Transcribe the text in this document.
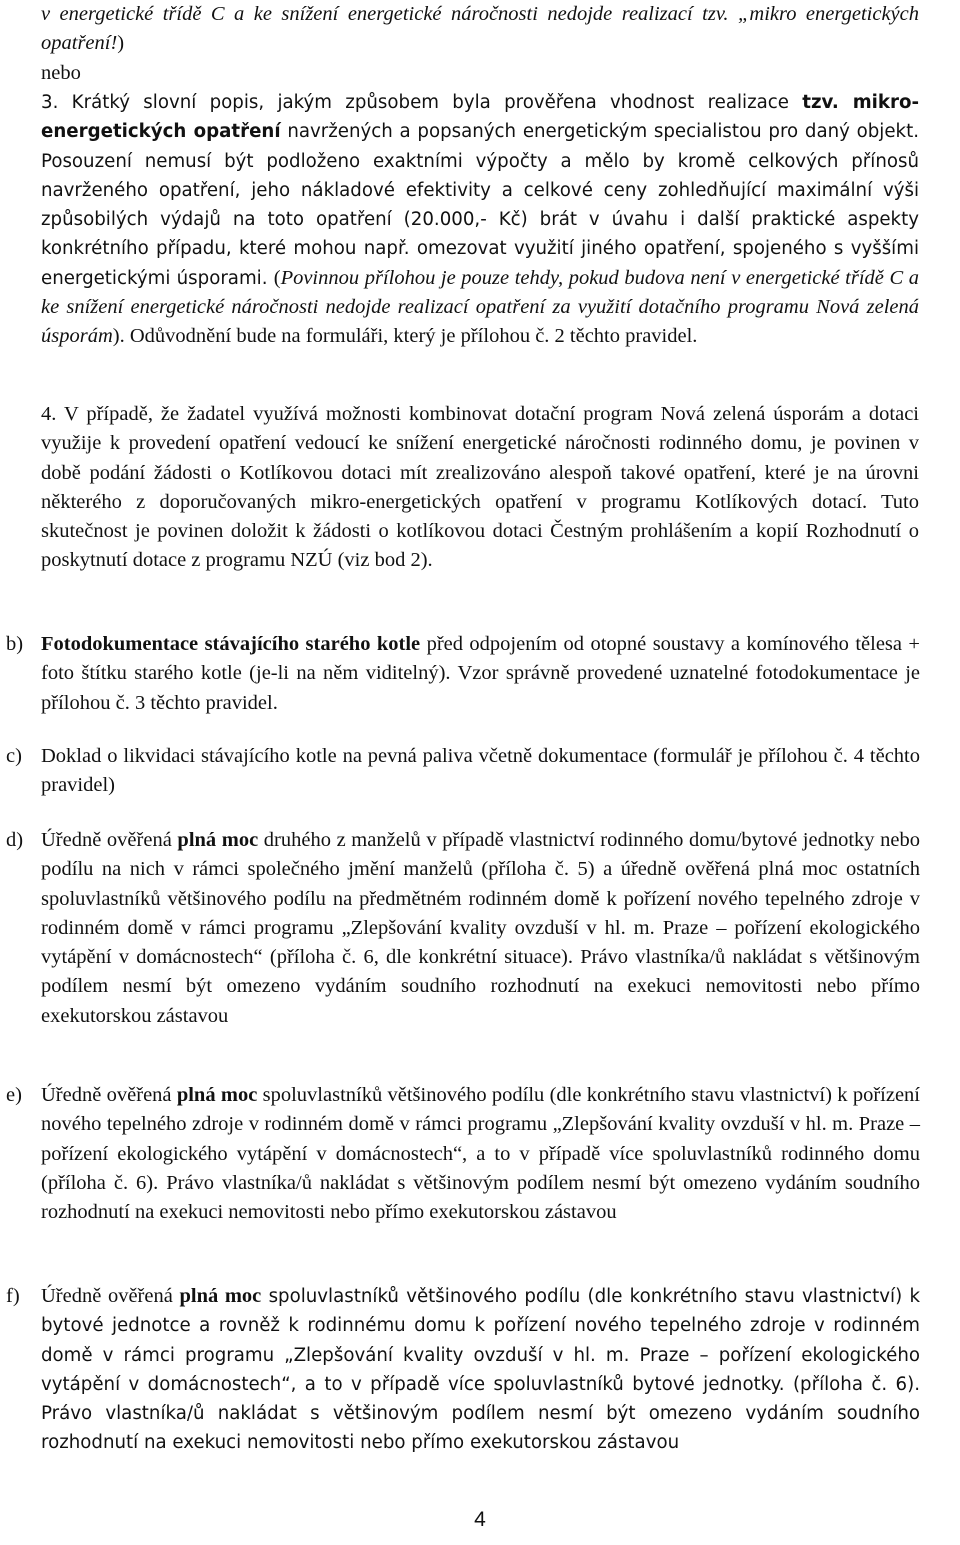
v energetické třídě C a ke snížení energetické náročnosti nedojde realizací tzv. „mikro energetických opatření!)

nebo

3. Krátký slovní popis, jakým způsobem byla prověřena vhodnost realizace tzv. mikro-energetických opatření navržených a popsaných energetickým specialistou pro daný objekt. Posouzení nemusí být podloženo exaktními výpočty a mělo by kromě celkových přínosů navrženého opatření, jeho nákladové efektivity a celkové ceny zohledňující maximální výši způsobilých výdajů na toto opatření (20.000,- Kč) brát v úvahu i další praktické aspekty konkrétního případu, které mohou např. omezovat využití jiného opatření, spojeného s vyššími energetickými úsporami. (Povinnou přílohou je pouze tehdy, pokud budova není v energetické třídě C a ke snížení energetické náročnosti nedojde realizací opatření za využití dotačního programu Nová zelená úsporám). Odůvodnění bude na formuláři, který je přílohou č. 2 těchto pravidel.

4. V případě, že žadatel využívá možnosti kombinovat dotační program Nová zelená úsporám a dotaci využije k provedení opatření vedoucí ke snížení energetické náročnosti rodinného domu, je povinen v době podání žádosti o Kotlíkovou dotaci mít zrealizováno alespoň takové opatření, které je na úrovni některého z doporučovaných mikro-energetických opatření v programu Kotlíkových dotací. Tuto skutečnost je povinen doložit k žádosti o kotlíkovou dotaci Čestným prohlášením a kopií Rozhodnutí o poskytnutí dotace z programu NZÚ (viz bod 2).

b) Fotodokumentace stávajícího starého kotle před odpojením od otopné soustavy a komínového tělesa + foto štítku starého kotle (je-li na něm viditelný). Vzor správně provedené uznatelné fotodokumentace je přílohou č. 3 těchto pravidel.

c) Doklad o likvidaci stávajícího kotle na pevná paliva včetně dokumentace (formulář je přílohou č. 4 těchto pravidel)

d) Úředně ověřená plná moc druhého z manželů v případě vlastnictví rodinného domu/bytové jednotky nebo podílu na nich v rámci společného jmění manželů (příloha č. 5) a úředně ověřená plná moc ostatních spoluvlastníků většinového podílu na předmětném rodinném domě k pořízení nového tepelného zdroje v rodinném domě v rámci programu „Zlepšování kvality ovzduší v hl. m. Praze – pořízení ekologického vytápění v domácnostech“ (příloha č. 6, dle konkrétní situace). Právo vlastníka/ů nakládat s většinovým podílem nesmí být omezeno vydáním soudního rozhodnutí na exekuci nemovitosti nebo přímo exekutorskou zástavou

e) Úředně ověřená plná moc spoluvlastníků většinového podílu (dle konkrétního stavu vlastnictví) k pořízení nového tepelného zdroje v rodinném domě v rámci programu „Zlepšování kvality ovzduší v hl. m. Praze – pořízení ekologického vytápění v domácnostech“, a to v případě více spoluvlastníků rodinného domu (příloha č. 6). Právo vlastníka/ů nakládat s většinovým podílem nesmí být omezeno vydáním soudního rozhodnutí na exekuci nemovitosti nebo přímo exekutorskou zástavou

f) Úředně ověřená plná moc spoluvlastníků většinového podílu (dle konkrétního stavu vlastnictví) k bytové jednotce a rovněž k rodinnému domu k pořízení nového tepelného zdroje v rodinném domě v rámci programu „Zlepšování kvality ovzduší v hl. m. Praze – pořízení ekologického vytápění v domácnostech“, a to v případě více spoluvlastníků bytové jednotky. (příloha č. 6). Právo vlastníka/ů nakládat s většinovým podílem nesmí být omezeno vydáním soudního rozhodnutí na exekuci nemovitosti nebo přímo exekutorskou zástavou

4
